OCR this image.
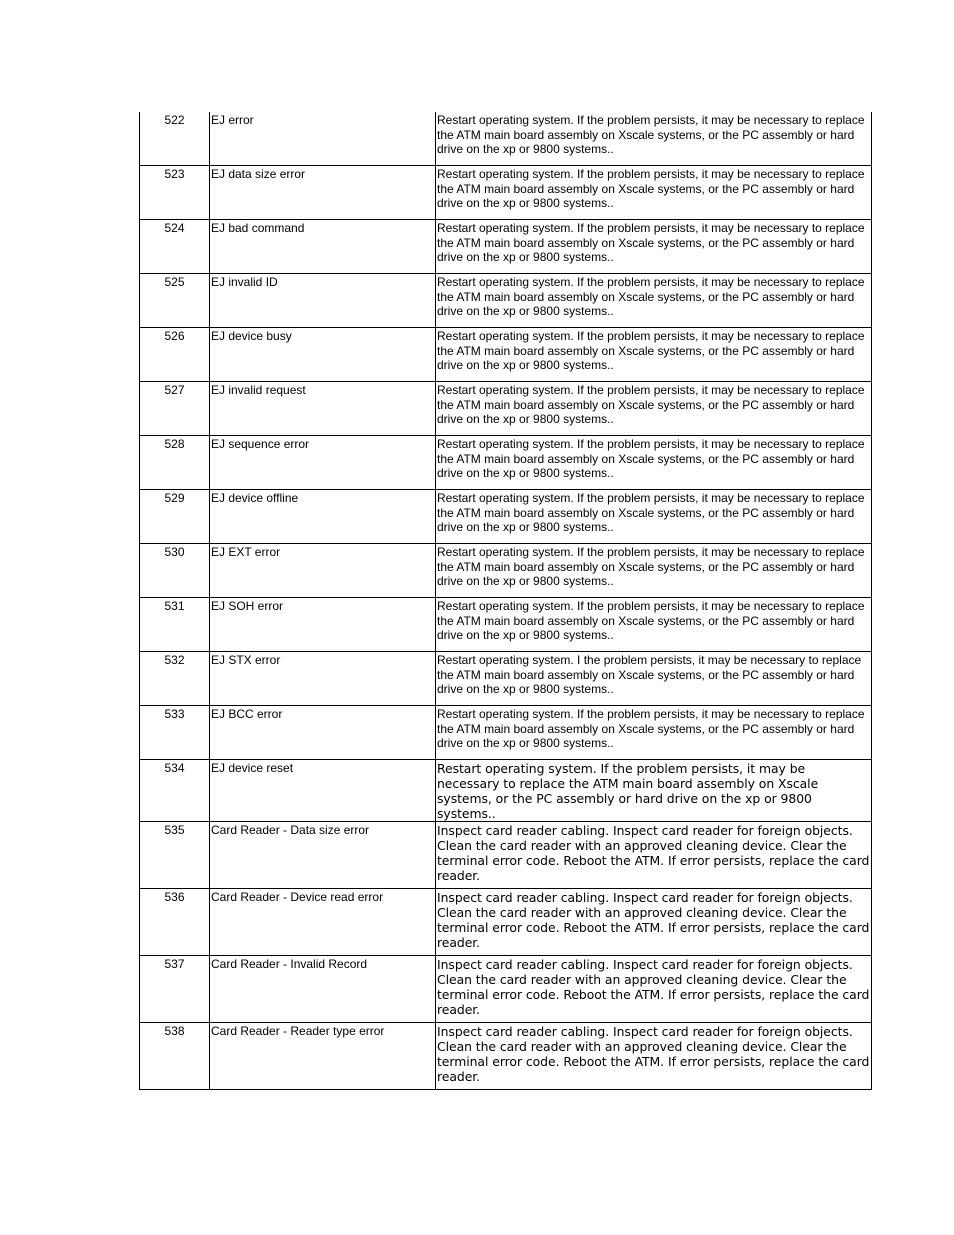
522	EJ error	Restart operating system. If the problem persists, it may be necessary to replace the ATM main board assembly on Xscale systems, or the PC assembly or hard drive on the xp or 9800 systems..
523	EJ data size error	Restart operating system. If the problem persists, it may be necessary to replace the ATM main board assembly on Xscale systems, or the PC assembly or hard drive on the xp or 9800 systems..
524	EJ bad command	Restart operating system. If the problem persists, it may be necessary to replace the ATM main board assembly on Xscale systems, or the PC assembly or hard drive on the xp or 9800 systems..
525	EJ invalid ID	Restart operating system. If the problem persists, it may be necessary to replace the ATM main board assembly on Xscale systems, or the PC assembly or hard drive on the xp or 9800 systems..
526	EJ device busy	Restart operating system. If the problem persists, it may be necessary to replace the ATM main board assembly on Xscale systems, or the PC assembly or hard drive on the xp or 9800 systems..
527	EJ invalid request	Restart operating system. If the problem persists, it may be necessary to replace the ATM main board assembly on Xscale systems, or the PC assembly or hard drive on the xp or 9800 systems..
528	EJ sequence error	Restart operating system. If the problem persists, it may be necessary to replace the ATM main board assembly on Xscale systems, or the PC assembly or hard drive on the xp or 9800 systems..
529	EJ device offline	Restart operating system. If the problem persists, it may be necessary to replace the ATM main board assembly on Xscale systems, or the PC assembly or hard drive on the xp or 9800 systems..
530	EJ EXT error	Restart operating system. If the problem persists, it may be necessary to replace the ATM main board assembly on Xscale systems, or the PC assembly or hard drive on the xp or 9800 systems..
531	EJ SOH error	Restart operating system. If the problem persists, it may be necessary to replace the ATM main board assembly on Xscale systems, or the PC assembly or hard drive on the xp or 9800 systems..
532	EJ STX error	Restart operating system. I the problem persists, it may be necessary to replace the ATM main board assembly on Xscale systems, or the PC assembly or hard drive on the xp or 9800 systems..
533	EJ BCC error	Restart operating system. If the problem persists, it may be necessary to replace the ATM main board assembly on Xscale systems, or the PC assembly or hard drive on the xp or 9800 systems..
534	EJ device reset	Restart operating system. If the problem persists, it may be necessary to replace the ATM main board assembly on Xscale systems, or the PC assembly or hard drive on the xp or 9800 systems..
535	Card Reader - Data size error	Inspect card reader cabling. Inspect card reader for foreign objects. Clean the card reader with an approved cleaning device. Clear the terminal error code. Reboot the ATM. If error persists, replace the card reader.
536	Card Reader - Device read error	Inspect card reader cabling. Inspect card reader for foreign objects. Clean the card reader with an approved cleaning device. Clear the terminal error code. Reboot the ATM. If error persists, replace the card reader.
537	Card Reader - Invalid Record	Inspect card reader cabling. Inspect card reader for foreign objects. Clean the card reader with an approved cleaning device. Clear the terminal error code. Reboot the ATM. If error persists, replace the card reader.
538	Card Reader - Reader type error	Inspect card reader cabling. Inspect card reader for foreign objects. Clean the card reader with an approved cleaning device. Clear the terminal error code. Reboot the ATM. If error persists, replace the card reader.
